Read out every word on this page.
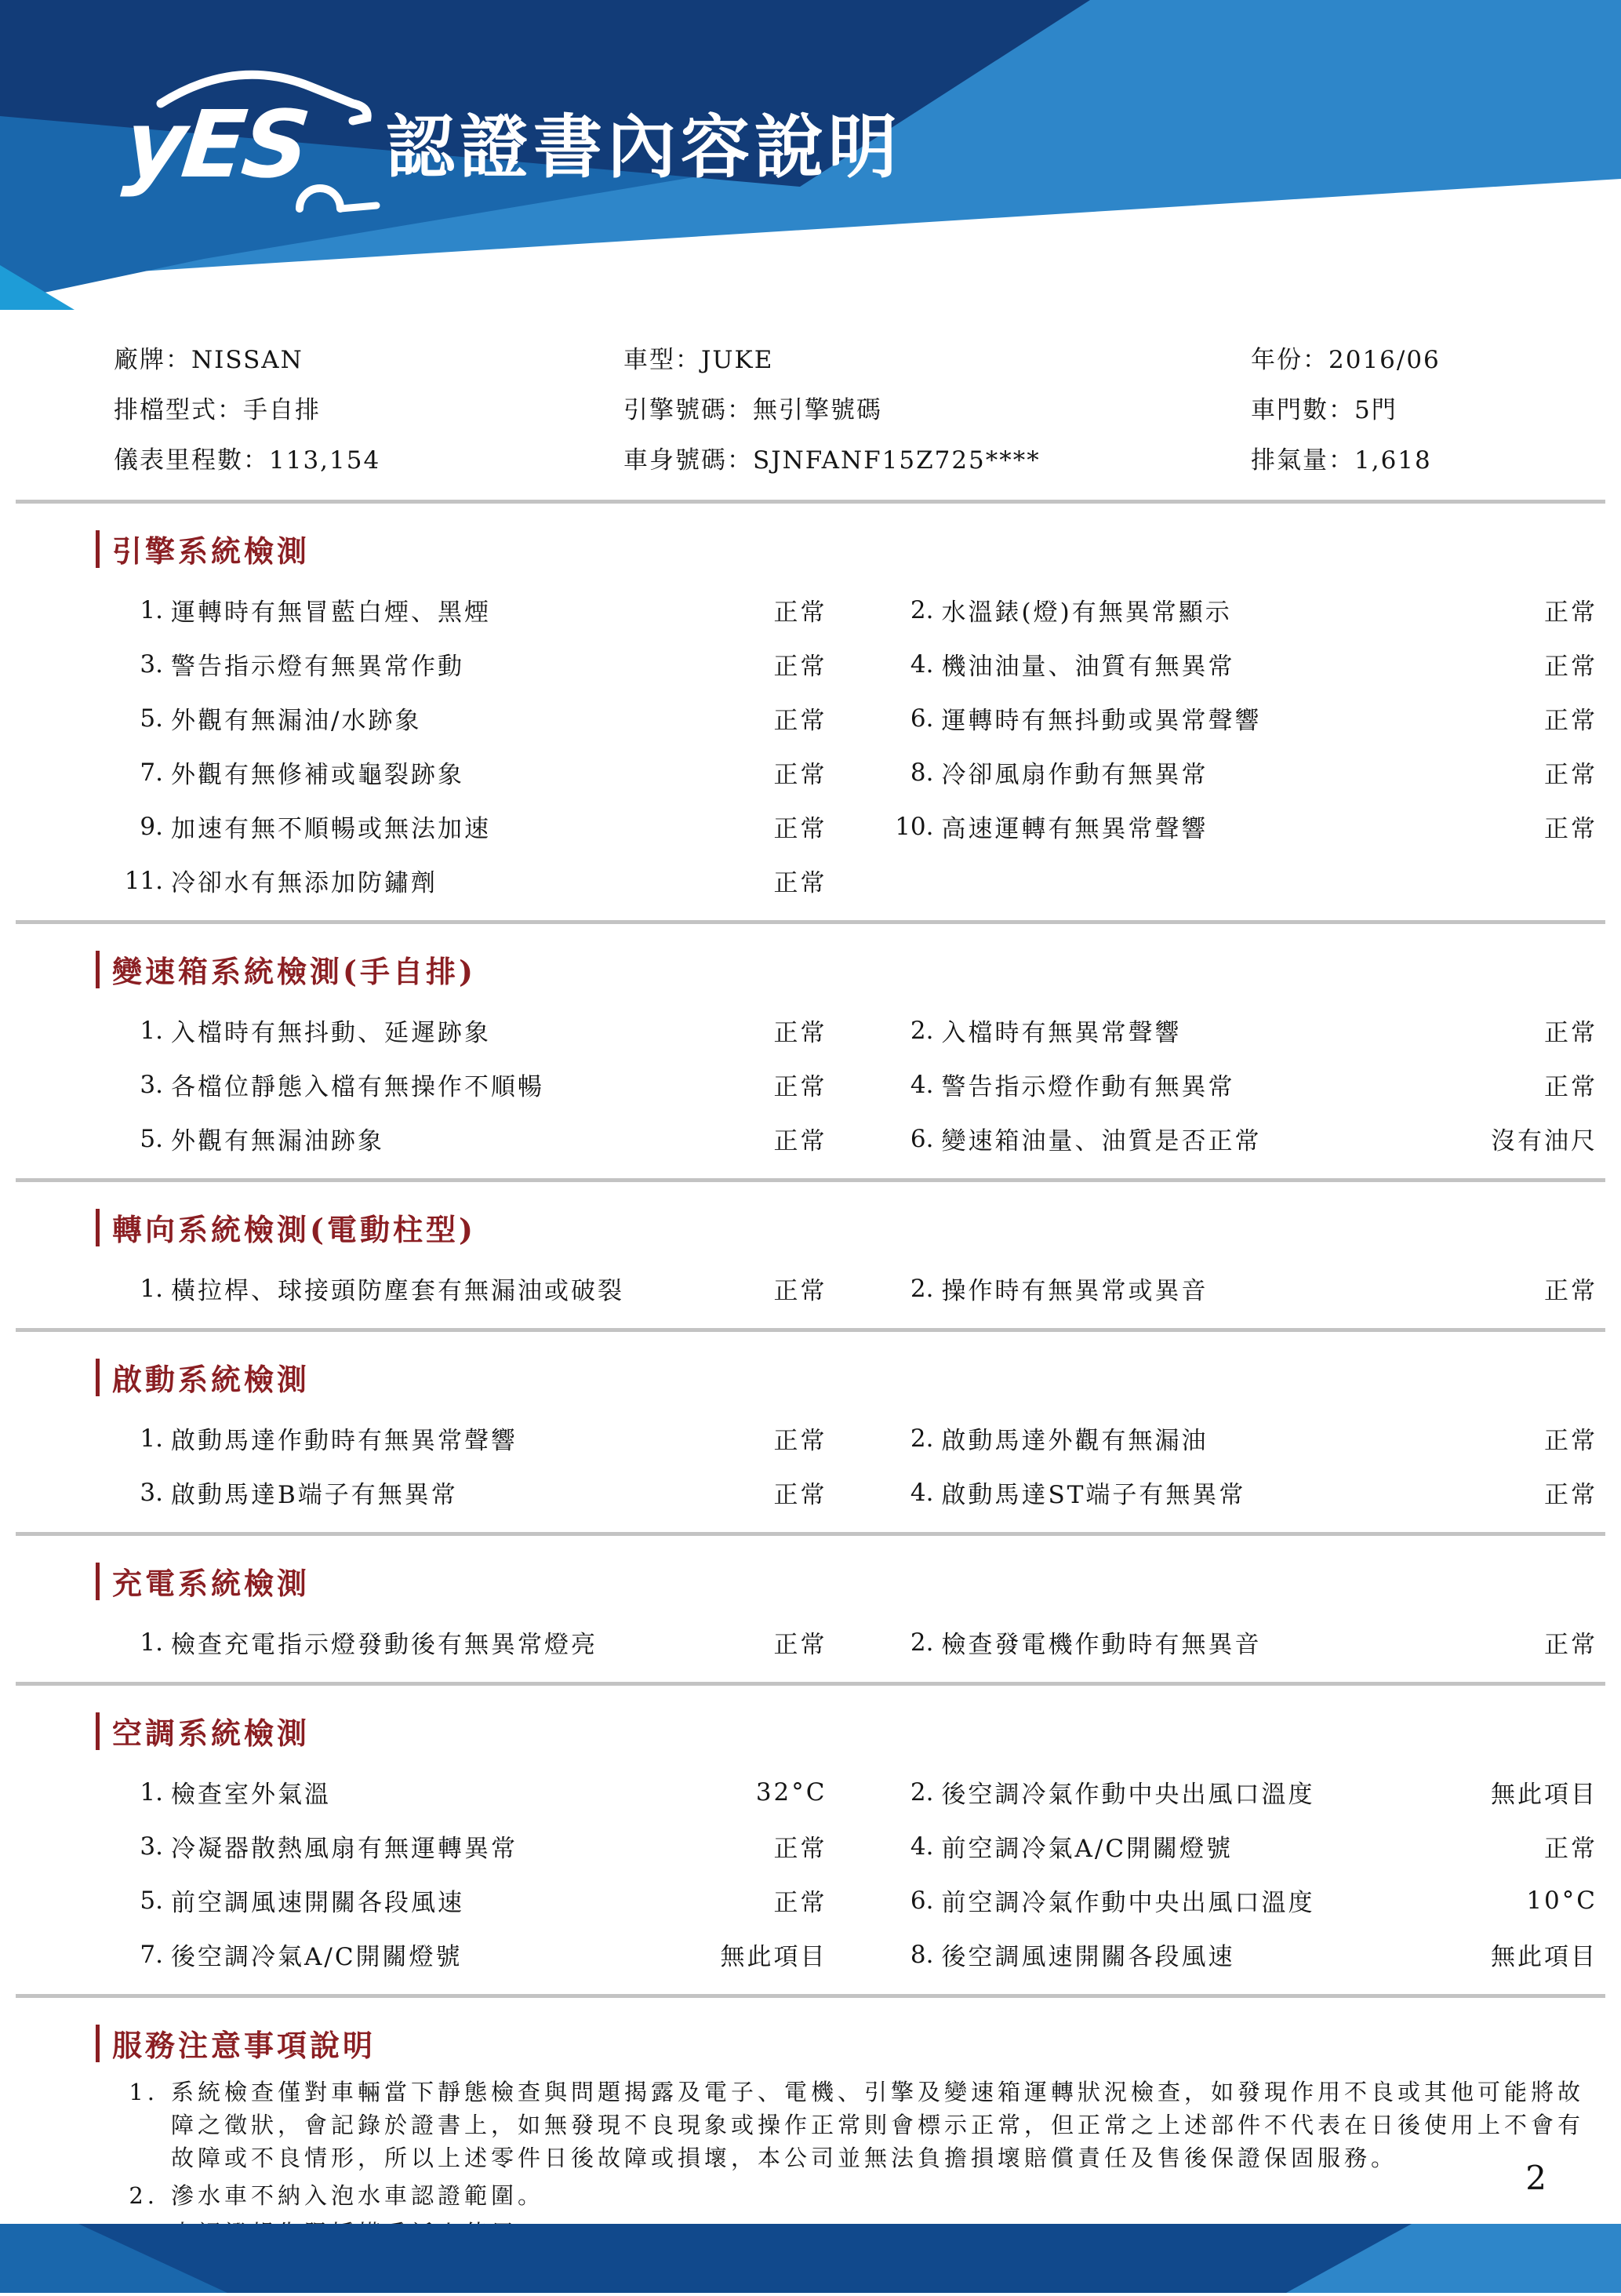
yES 認證書內容說明
廠牌：NISSAN	車型：JUKE	年份：2016/06
排檔型式：手自排	引擎號碼：無引擎號碼	車門數：5門
儀表里程數：113,154	車身號碼：SJNFANF15Z725****	排氣量：1,618
引擎系統檢測
1. 運轉時有無冒藍白煙、黑煙	正常	2. 水溫錶(燈)有無異常顯示	正常
3. 警告指示燈有無異常作動	正常	4. 機油油量、油質有無異常	正常
5. 外觀有無漏油/水跡象	正常	6. 運轉時有無抖動或異常聲響	正常
7. 外觀有無修補或龜裂跡象	正常	8. 冷卻風扇作動有無異常	正常
9. 加速有無不順暢或無法加速	正常	10. 高速運轉有無異常聲響	正常
11. 冷卻水有無添加防鏽劑	正常
變速箱系統檢測(手自排)
1. 入檔時有無抖動、延遲跡象	正常	2. 入檔時有無異常聲響	正常
3. 各檔位靜態入檔有無操作不順暢	正常	4. 警告指示燈作動有無異常	正常
5. 外觀有無漏油跡象	正常	6. 變速箱油量、油質是否正常	沒有油尺
轉向系統檢測(電動柱型)
1. 橫拉桿、球接頭防塵套有無漏油或破裂	正常	2. 操作時有無異常或異音	正常
啟動系統檢測
1. 啟動馬達作動時有無異常聲響	正常	2. 啟動馬達外觀有無漏油	正常
3. 啟動馬達B端子有無異常	正常	4. 啟動馬達ST端子有無異常	正常
充電系統檢測
1. 檢查充電指示燈發動後有無異常燈亮	正常	2. 檢查發電機作動時有無異音	正常
空調系統檢測
1. 檢查室外氣溫	32°C	2. 後空調冷氣作動中央出風口溫度	無此項目
3. 冷凝器散熱風扇有無運轉異常	正常	4. 前空調冷氣A/C開關燈號	正常
5. 前空調風速開關各段風速	正常	6. 前空調冷氣作動中央出風口溫度	10°C
7. 後空調冷氣A/C開關燈號	無此項目	8. 後空調風速開關各段風速	無此項目
服務注意事項說明
1. 系統檢查僅對車輛當下靜態檢查與問題揭露及電子、電機、引擎及變速箱運轉狀況檢查，如發現作用不良或其他可能將故障之徵狀，會記錄於證書上，如無發現不良現象或操作正常則會標示正常，但正常之上述部件不代表在日後使用上不會有故障或不良情形，所以上述零件日後故障或損壞，本公司並無法負擔損壞賠償責任及售後保證保固服務。
2. 滲水車不納入泡水車認證範圍。	2
